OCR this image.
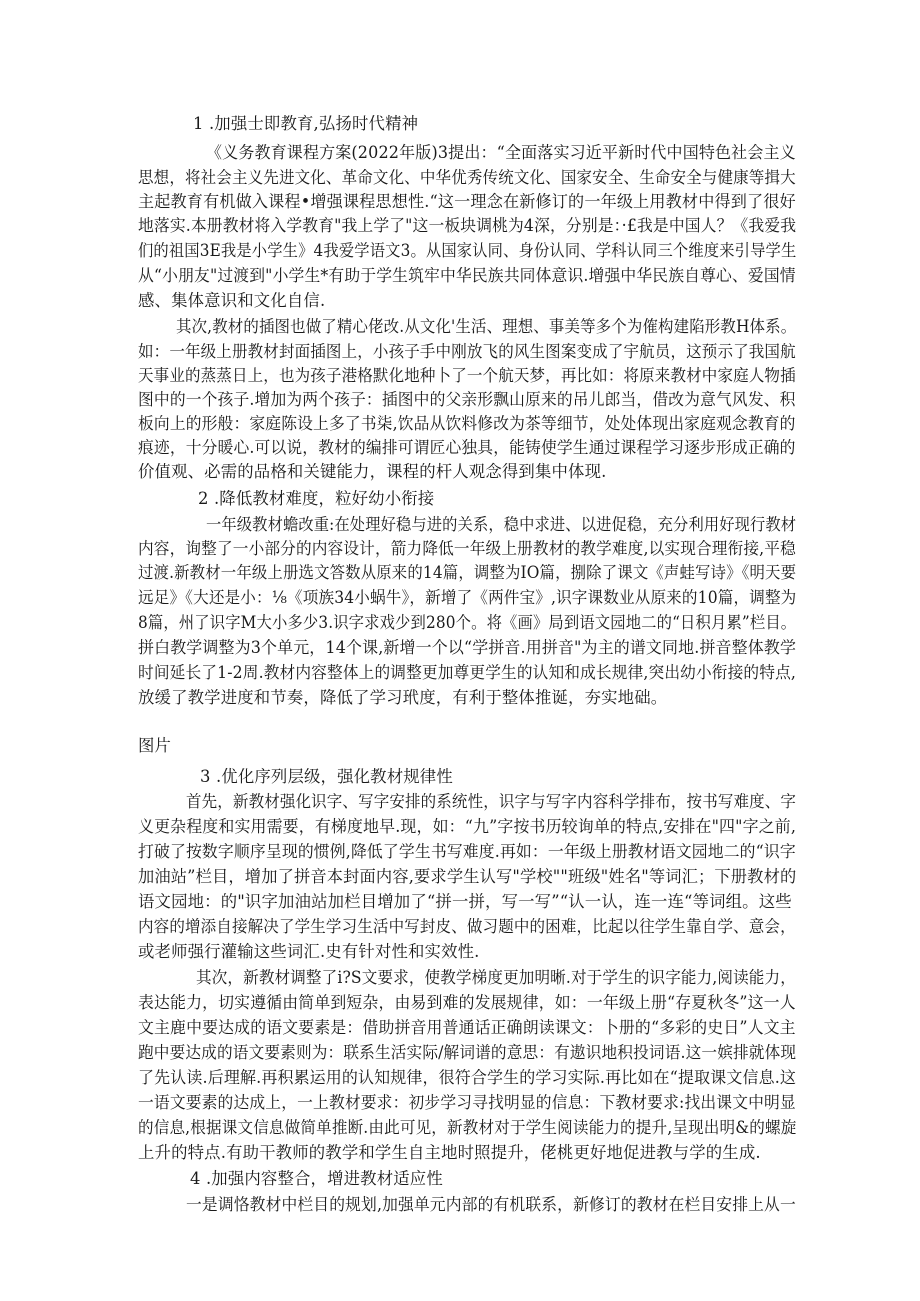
1 .加强士即教育,弘扬时代精神
《义务教育课程方案(2022年版)3提出：“全面落实习近平新时代中国特色社会主义
思想，将社会主义先进文化、革命文化、中华优秀传统文化、国家安全、生命安全与健康等揖大
主起教育有机做入课程•增强课程思想性.“这一理念在新修订的一年级上用教材中得到了很好
地落实.本册教材将入学教育"我上学了"这一板块调桃为4深，分别是：·£我是中国人？《我爱我
们的祖国3E我是小学生》4我爱学语文3。从国家认同、身份认同、学科认同三个维度来引导学生
从“小朋友"过渡到"小学生*有助于学生筑牢中华民族共同体意识.增强中华民族自尊心、爱国情
感、集体意识和文化自信.
其次,教材的插图也做了精心佬改.从文化'生活、理想、事美等多个为傕构建陷形教H体系。
如：一年级上册教材封面插图上，小孩子手中刚放飞的风生图案变成了宇航员，这预示了我国航
天事业的蒸蒸日上，也为孩子港格默化地种卜了一个航天梦，再比如：将原来教材中家庭人物插
图中的一个孩子.增加为两个孩子：插图中的父亲形飘山原来的吊儿郎当，借改为意气风发、积
板向上的形般：家庭陈设上多了书柒,饮品从饮料修改为茶等细节，处处体现出家庭观念教育的
痕迹，十分暖心.可以说，教材的编排可谓匠心独具，能铸使学生通过课程学习逐步形成正确的
价值观、必需的品格和关键能力，课程的杆人观念得到集中体现.
2 .降低教材难度，粒好幼小衔接
一年级教材蟾改重:在处理好稳与进的关系，稳中求进、以进促稳，充分利用好现行教材
内容，询整了一小部分的内容设计，箭力降低一年级上册教材的教学难度,以实现合理衔接,平稳
过渡.新教材一年级上册选文答数从原来的14篇，调整为IO篇，捌除了课文《声蛙写诗》《明天要
远足》《大还是小：⅛《项族34小蜗牛》，新增了《两件宝》,识字课数业从原来的10篇，调整为
8篇，州了识字M大小多少3.识字求戏少到280个。将《画》局到语文园地二的“日积月累”栏目。
拼白教学调整为3个单元，14个课,新增一个以“学拼音.用拼音"为主的谱文同地.拼音整体教学
时间延长了1-2周.教材内容整体上的调整更加尊更学生的认知和成长规律,突出幼小衔接的特点,
放缓了教学进度和节奏，降低了学习玳度，有利于整体推诞，夯实地础。
图片
3 .优化序列层级，强化教材规律性
首先，新教材强化识字、写字安排的系统性，识字与写字内容科学排布，按书写难度、字
义更杂程度和实用需要，有梯度地早.现，如：“九”字按书历较询单的特点,安排在"四"字之前,
打破了按数字顺序呈现的惯例,降低了学生书写难度.再如：一年级上册教材语文园地二的“识字
加油站”栏目，增加了拼音本封面内容,要求学生认写"学校""班级"姓名"等词汇；下册教材的
语文园地：的"识字加油站加栏目增加了“拼一拼，写一写”“认一认，连一连“等词组。这些
内容的增添自接解决了学生学习生活中写封皮、做习题中的困难，比起以往学生靠自学、意会，
或老师强行灌输这些词汇.史有针对性和实效性.
其次，新教材调整了i?S文要求，使教学梯度更加明晰.对于学生的识字能力,阅读能力，
表达能力，切实遵循由简单到短杂，由易到难的发展规律，如：一年级上册“存夏秋冬”这一人
文主鹿中要达成的语文要素是：借助拼音用普通话正确朗读课文：卜册的“多彩的史日”人文主
跑中要达成的语文要素则为：联系生活实际/解词谱的意思：有遨识地积投词语.这一嫔排就体现
了先认读.后理解.再积累运用的认知规律，很符合学生的学习实际.再比如在“提取课文信息.这
一语文要素的达成上，一上教材要求：初步学习寻找明显的信息：下教材要求:找出课文中明显
的信息,根据课文信息做简单推断.由此可见，新教材对于学生阅读能力的提升,呈现出明&的螺旋
上升的特点.有助干教师的教学和学生自主地时照提升，佬桃更好地促进教与学的生成.
4 .加强内容整合，增进教材适应性
一是调恪教材中栏目的规划,加强单元内部的有机联系，新修订的教材在栏目安排上从一
